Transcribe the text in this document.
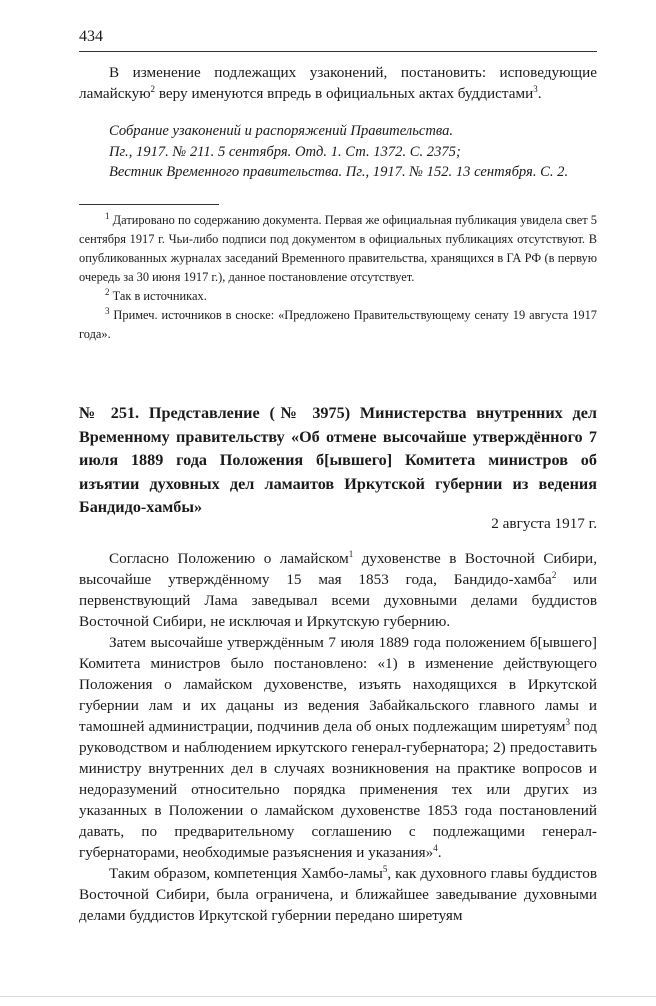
434

В изменение подлежащих узаконений, постановить: исповедующие ламайскую$^2$ веру именуются впредь в официальных актах буддистами$^3$.

Собрание узаконений и распоряжений Правительства.
Пг., 1917. № 211. 5 сентября. Отд. 1. Ст. 1372. С. 2375;
Вестник Временного правительства. Пг., 1917. № 152. 13 сентября. С. 2.

$^1$ Датировано по содержанию документа. Первая же официальная публикация увидела свет 5 сентября 1917 г. Чьи-либо подписи под документом в официальных публикациях отсутствуют. В опубликованных журналах заседаний Временного правительства, хранящихся в ГА РФ (в первую очередь за 30 июня 1917 г.), данное постановление отсутствует.

$^2$ Так в источниках.

$^3$ Примеч. источников в сноске: «Предложено Правительствующему сенату 19 августа 1917 года».

№ 251. Представление (№ 3975) Министерства внутренних дел Временному правительству «Об отмене высочайше утверждённого 7 июля 1889 года Положения б[ывшего] Комитета министров об изъятии духовных дел ламаитов Иркутской губернии из ведения Бандидо-хамбы»

2 августа 1917 г.

Согласно Положению о ламайском$^1$ духовенстве в Восточной Сибири, высочайше утверждённому 15 мая 1853 года, Бандидо-хамба$^2$ или первенствующий Лама заведывал всеми духовными делами буддистов Восточной Сибири, не исключая и Иркутскую губернию.

Затем высочайше утверждённым 7 июля 1889 года положением б[ывшего] Комитета министров было постановлено: «1) в изменение действующего Положения о ламайском духовенстве, изъять находящихся в Иркутской губернии лам и их дацаны из ведения Забайкальского главного ламы и тамошней администрации, подчинив дела об оных подлежащим ширетуям$^3$ под руководством и наблюдением иркутского генерал-губернатора; 2) предоставить министру внутренних дел в случаях возникновения на практике вопросов и недоразумений относительно порядка применения тех или других из указанных в Положении о ламайском духовенстве 1853 года постановлений давать, по предварительному соглашению с подлежащими генерал-губернаторами, необходимые разъяснения и указания»$^4$.

Таким образом, компетенция Хамбо-ламы$^5$, как духовного главы буддистов Восточной Сибири, была ограничена, и ближайшее заведывание духовными делами буддистов Иркутской губернии передано ширетуям
